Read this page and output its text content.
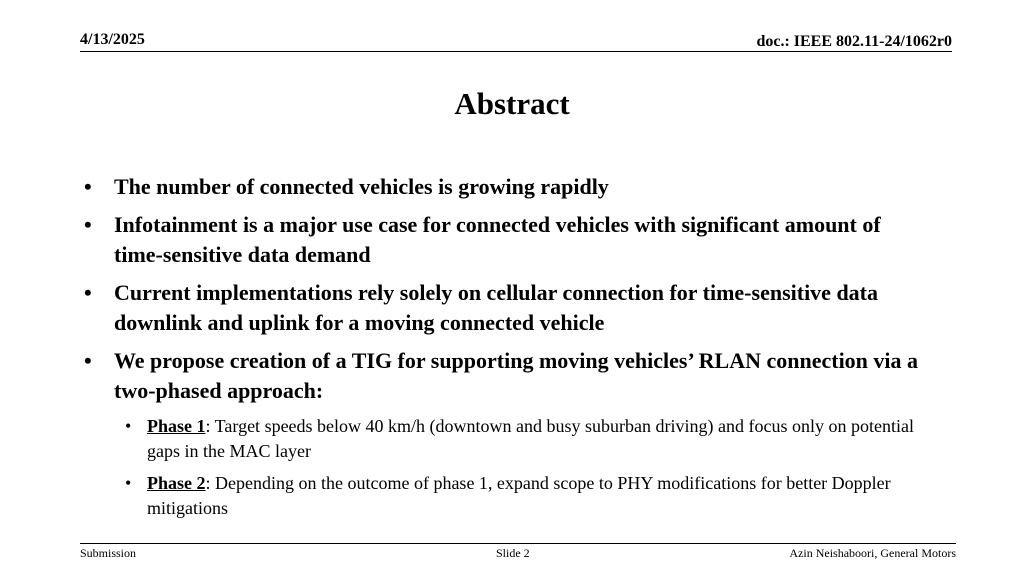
4/13/2025	doc.: IEEE 802.11-24/1062r0
Abstract
• The number of connected vehicles is growing rapidly
• Infotainment is a major use case for connected vehicles with significant amount of time-sensitive data demand
• Current implementations rely solely on cellular connection for time-sensitive data downlink and uplink for a moving connected vehicle
• We propose creation of a TIG for supporting moving vehicles’ RLAN connection via a two-phased approach:
• Phase 1: Target speeds below 40 km/h (downtown and busy suburban driving) and focus only on potential gaps in the MAC layer
• Phase 2: Depending on the outcome of phase 1, expand scope to PHY modifications for better Doppler mitigations
Submission	Slide 2	Azin Neishaboori, General Motors
